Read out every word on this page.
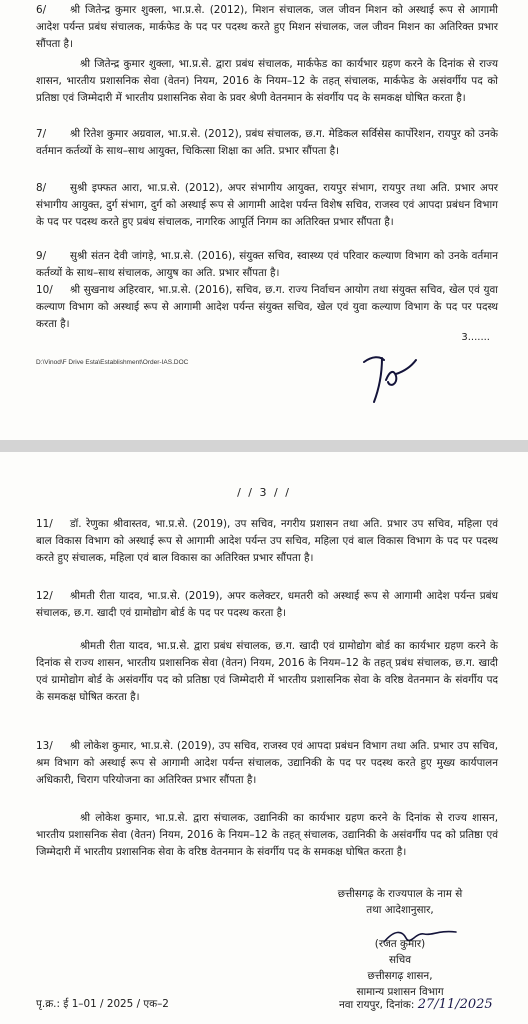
6/ श्री जितेन्द्र कुमार शुक्ला, भा.प्र.से. (2012), मिशन संचालक, जल जीवन मिशन को अस्थाई रूप से आगामी आदेश पर्यन्त प्रबंध संचालक, मार्कफेड के पद पर पदस्थ करते हुए मिशन संचालक, जल जीवन मिशन का अतिरिक्त प्रभार सौंपता है।

श्री जितेन्द्र कुमार शुक्ला, भा.प्र.से. द्वारा प्रबंध संचालक, मार्कफेड का कार्यभार ग्रहण करने के दिनांक से राज्य शासन, भारतीय प्रशासनिक सेवा (वेतन) नियम, 2016 के नियम–12 के तहत् संचालक, मार्कफेड के असंवर्गीय पद को प्रतिष्ठा एवं जिम्मेदारी में भारतीय प्रशासनिक सेवा के प्रवर श्रेणी वेतनमान के संवर्गीय पद के समकक्ष घोषित करता है।

7/ श्री रितेश कुमार अग्रवाल, भा.प्र.से. (2012), प्रबंध संचालक, छ.ग. मेडिकल सर्विसेस कार्पोरेशन, रायपुर को उनके वर्तमान कर्तव्यों के साथ–साथ आयुक्त, चिकित्सा शिक्षा का अति. प्रभार सौंपता है।

8/ सुश्री इफ्फत आरा, भा.प्र.से. (2012), अपर संभागीय आयुक्त, रायपुर संभाग, रायपुर तथा अति. प्रभार अपर संभागीय आयुक्त, दुर्ग संभाग, दुर्ग को अस्थाई रूप से आगामी आदेश पर्यन्त विशेष सचिव, राजस्व एवं आपदा प्रबंधन विभाग के पद पर पदस्थ करते हुए प्रबंध संचालक, नागरिक आपूर्ति निगम का अतिरिक्त प्रभार सौंपता है।

9/ सुश्री संतन देवी जांगड़े, भा.प्र.से. (2016), संयुक्त सचिव, स्वास्थ्य एवं परिवार कल्याण विभाग को उनके वर्तमान कर्तव्यों के साथ–साथ संचालक, आयुष का अति. प्रभार सौंपता है।

10/ श्री सुखनाथ अहिरवार, भा.प्र.से. (2016), सचिव, छ.ग. राज्य निर्वाचन आयोग तथा संयुक्त सचिव, खेल एवं युवा कल्याण विभाग को अस्थाई रूप से आगामी आदेश पर्यन्त संयुक्त सचिव, खेल एवं युवा कल्याण विभाग के पद पर पदस्थ करता है।

3.......
D:\Vinod\F Drive Esta\Establishment\Order-IAS.DOC
/ / 3 / /

11/ डॉ. रेणुका श्रीवास्तव, भा.प्र.से. (2019), उप सचिव, नगरीय प्रशासन तथा अति. प्रभार उप सचिव, महिला एवं बाल विकास विभाग को अस्थाई रूप से आगामी आदेश पर्यन्त उप सचिव, महिला एवं बाल विकास विभाग के पद पर पदस्थ करते हुए संचालक, महिला एवं बाल विकास का अतिरिक्त प्रभार सौंपता है।

12/ श्रीमती रीता यादव, भा.प्र.से. (2019), अपर कलेक्टर, धमतरी को अस्थाई रूप से आगामी आदेश पर्यन्त प्रबंध संचालक, छ.ग. खादी एवं ग्रामोद्योग बोर्ड के पद पर पदस्थ करता है।

श्रीमती रीता यादव, भा.प्र.से. द्वारा प्रबंध संचालक, छ.ग. खादी एवं ग्रामोद्योग बोर्ड का कार्यभार ग्रहण करने के दिनांक से राज्य शासन, भारतीय प्रशासनिक सेवा (वेतन) नियम, 2016 के नियम–12 के तहत् प्रबंध संचालक, छ.ग. खादी एवं ग्रामोद्योग बोर्ड के असंवर्गीय पद को प्रतिष्ठा एवं जिम्मेदारी में भारतीय प्रशासनिक सेवा के वरिष्ठ वेतनमान के संवर्गीय पद के समकक्ष घोषित करता है।

13/ श्री लोकेश कुमार, भा.प्र.से. (2019), उप सचिव, राजस्व एवं आपदा प्रबंधन विभाग तथा अति. प्रभार उप सचिव, श्रम विभाग को अस्थाई रूप से आगामी आदेश पर्यन्त संचालक, उद्यानिकी के पद पर पदस्थ करते हुए मुख्य कार्यपालन अधिकारी, चिराग परियोजना का अतिरिक्त प्रभार सौंपता है।

श्री लोकेश कुमार, भा.प्र.से. द्वारा संचालक, उद्यानिकी का कार्यभार ग्रहण करने के दिनांक से राज्य शासन, भारतीय प्रशासनिक सेवा (वेतन) नियम, 2016 के नियम–12 के तहत् संचालक, उद्यानिकी के असंवर्गीय पद को प्रतिष्ठा एवं जिम्मेदारी में भारतीय प्रशासनिक सेवा के वरिष्ठ वेतनमान के संवर्गीय पद के समकक्ष घोषित करता है।

छत्तीसगढ़ के राज्यपाल के नाम से
तथा आदेशानुसार,
(रजत कुमार)
सचिव
छत्तीसगढ़ शासन,
सामान्य प्रशासन विभाग
पृ.क्र.: ई 1–01 / 2025 / एक–2	नवा रायपुर, दिनांक: 27/11/2025
